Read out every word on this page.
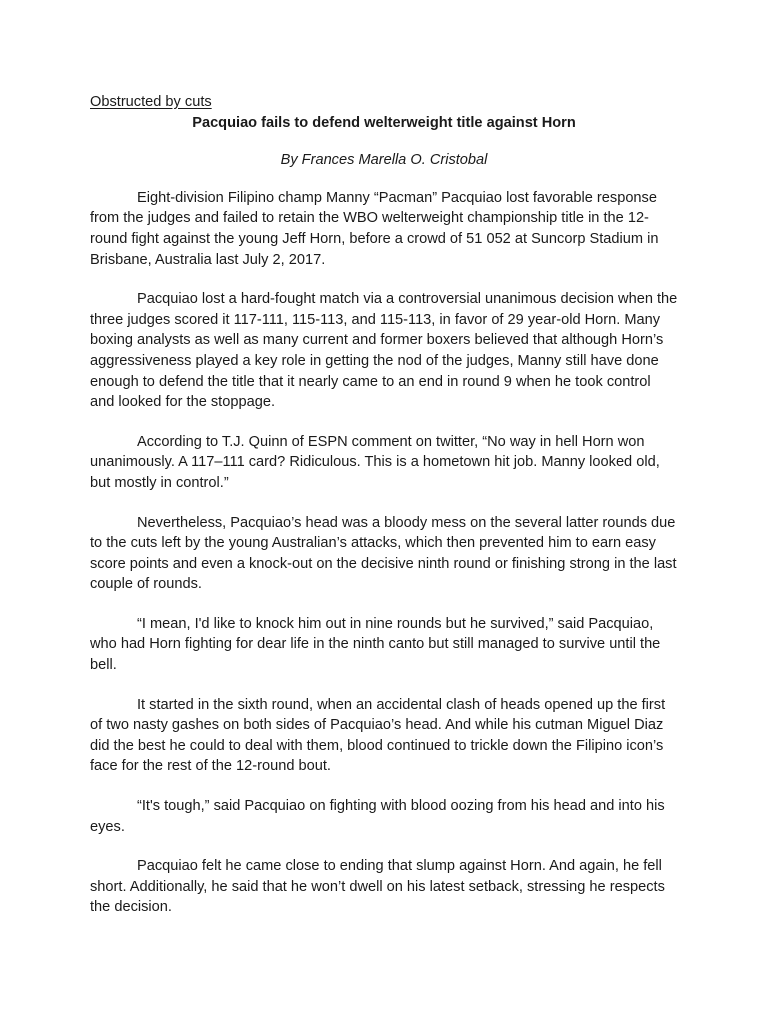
Obstructed by cuts

Pacquiao fails to defend welterweight title against Horn

By Frances Marella O. Cristobal

Eight-division Filipino champ Manny “Pacman” Pacquiao lost favorable response from the judges and failed to retain the WBO welterweight championship title in the 12-round fight against the young Jeff Horn, before a crowd of 51 052 at Suncorp Stadium in Brisbane, Australia last July 2, 2017.

Pacquiao lost a hard-fought match via a controversial unanimous decision when the three judges scored it 117-111, 115-113, and 115-113, in favor of 29 year-old Horn. Many boxing analysts as well as many current and former boxers believed that although Horn’s aggressiveness played a key role in getting the nod of the judges, Manny still have done enough to defend the title that it nearly came to an end in round 9 when he took control and looked for the stoppage.

According to T.J. Quinn of ESPN comment on twitter, “No way in hell Horn won unanimously. A 117–111 card? Ridiculous. This is a hometown hit job. Manny looked old, but mostly in control.”

Nevertheless, Pacquiao’s head was a bloody mess on the several latter rounds due to the cuts left by the young Australian’s attacks, which then prevented him to earn easy score points and even a knock-out on the decisive ninth round or finishing strong in the last couple of rounds.

“I mean, I'd like to knock him out in nine rounds but he survived,” said Pacquiao, who had Horn fighting for dear life in the ninth canto but still managed to survive until the bell.

It started in the sixth round, when an accidental clash of heads opened up the first of two nasty gashes on both sides of Pacquiao’s head. And while his cutman Miguel Diaz did the best he could to deal with them, blood continued to trickle down the Filipino icon’s face for the rest of the 12-round bout.

“It's tough,” said Pacquiao on fighting with blood oozing from his head and into his eyes.

Pacquiao felt he came close to ending that slump against Horn. And again, he fell short. Additionally, he said that he won’t dwell on his latest setback, stressing he respects the decision.
